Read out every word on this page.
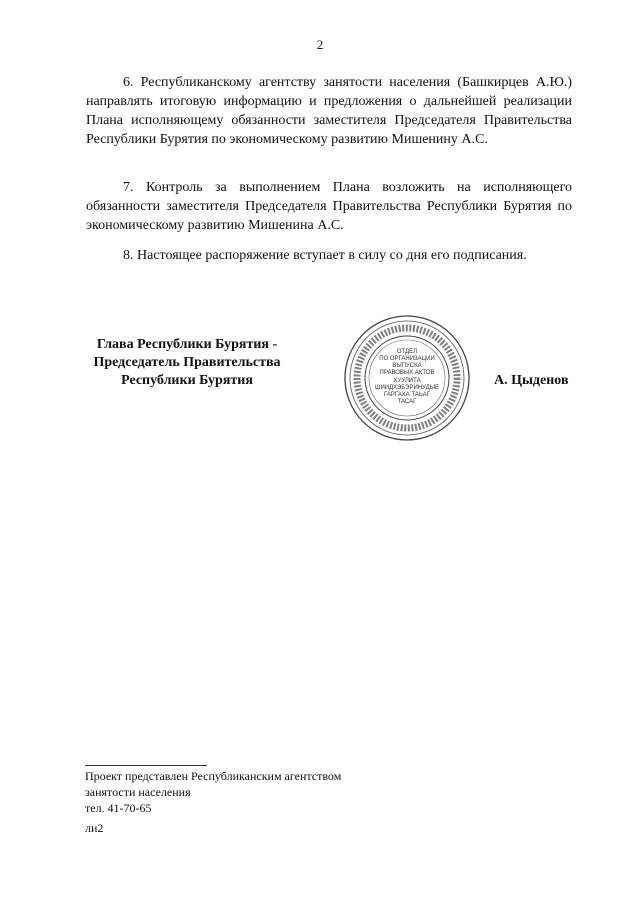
2

6. Республиканскому агентству занятости населения (Башкирцев А.Ю.) направлять итоговую информацию и предложения о дальнейшей реализации Плана исполняющему обязанности заместителя Председателя Правительства Республики Бурятия по экономическому развитию Мишенину А.С.

7. Контроль за выполнением Плана возложить на исполняющего обязанности заместителя Председателя Правительства Республики Бурятия по экономическому развитию Мишенина А.С.

8. Настоящее распоряжение вступает в силу со дня его подписания.

Глава Республики Бурятия -
Председатель Правительства
Республики Бурятия
ОТДЕЛ
ПО ОРГАНИЗАЦИИ
ВЫПУСКА
ПРАВОВЫХ АКТОВ
ХУУЛИТА
ШИИДХЭБЭРИНУДЫЕ
ГАРГАХА ТАЬАГ
ТАСАГ
А. Цыденов
Проект представлен Республиканским агентством
занятости населения
тел. 41-70-65
ли2
